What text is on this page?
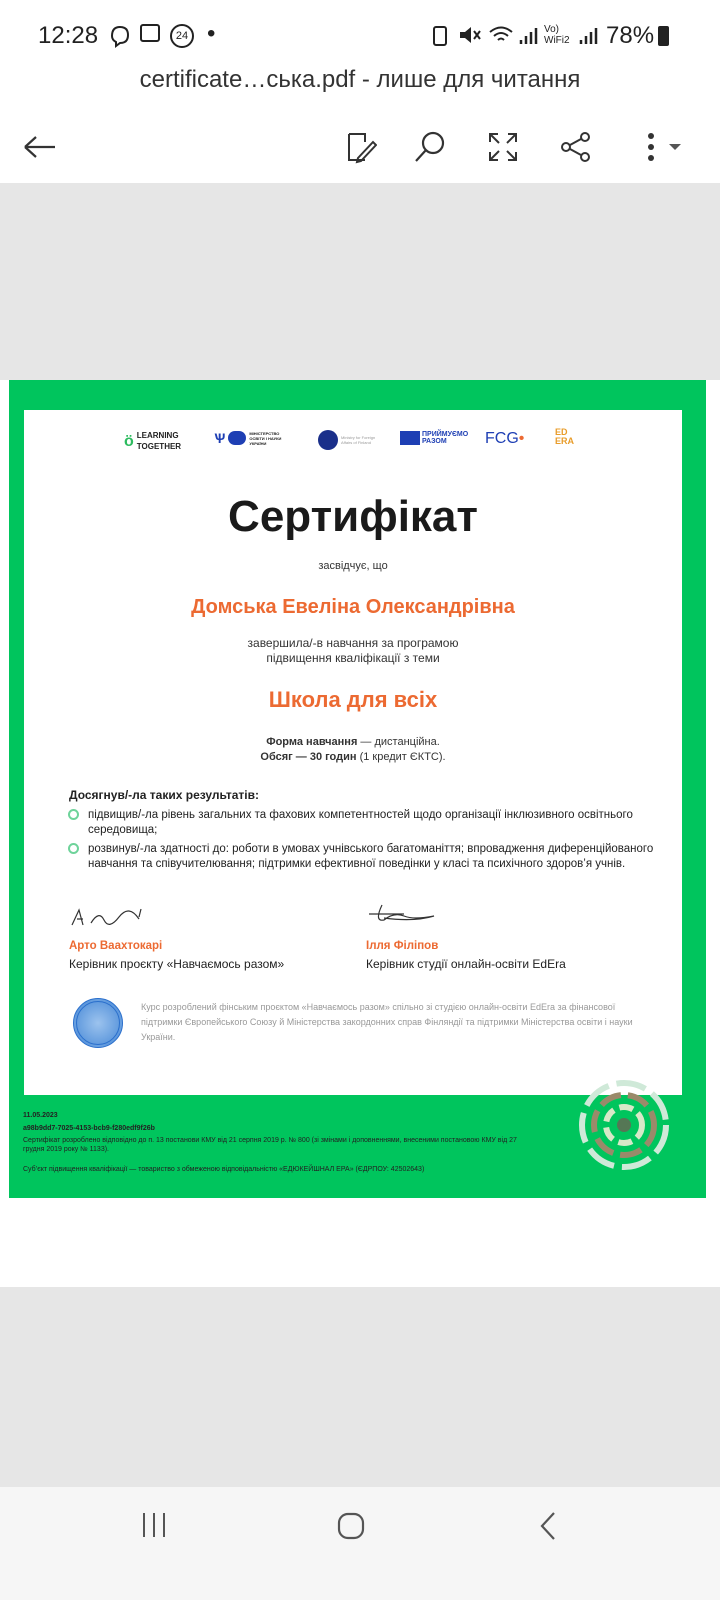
12:28	24 •	Vo) WiFi2 78%
certificate…ська.pdf - лише для читання
ӧ LEARNING TOGETHER
Ѱ	МІНІСТЕРСТВО ОСВІТИ І НАУКИ УКРАЇНИ
Ministry for Foreign Affairs of Finland
ПРИЙМУЄМО РАЗОМ	FCG•	ED ERA
Сертифікат
засвідчує, що
Домська Евеліна Олександрівна
завершила/-в навчання за програмою
підвищення кваліфікації з теми
Школа для всіх
Форма навчання — дистанційна.
Обсяг — 30 годин (1 кредит ЄКТС).
Досягнув/-ла таких результатів:
підвищив/-ла рівень загальних та фахових компетентностей щодо організації інклюзивного освітнього середовища;
розвинув/-ла здатності до: роботи в умовах учнівського багатоманіття; впровадження диференційованого навчання та співучителювання; підтримки ефективної поведінки у класі та психічного здоров’я учнів.
Арто Ваахтокарі
Керівник проєкту «Навчаємось разом»
Ілля Філіпов
Керівник студії онлайн-освіти EdEra
Курс розроблений фінським проєктом «Навчаємось разом» спільно зі студією онлайн-освіти EdEra за фінансової підтримки Європейського Союзу й Міністерства закордонних справ Фінляндії та підтримки Міністерства освіти і науки України.
11.05.2023
a98b9dd7-7025-4153-bcb9-f280edf9f26b
Сертифікат розроблено відповідно до п. 13 постанови КМУ від 21 серпня 2019 р. № 800 (зі змінами і доповненнями, внесеними постановою КМУ від 27 грудня 2019 року № 1133).
Суб’єкт підвищення кваліфікації — товариство з обмеженою відповідальністю «ЕДЮКЕЙШНАЛ ЕРА» (ЄДРПОУ: 42502643)
